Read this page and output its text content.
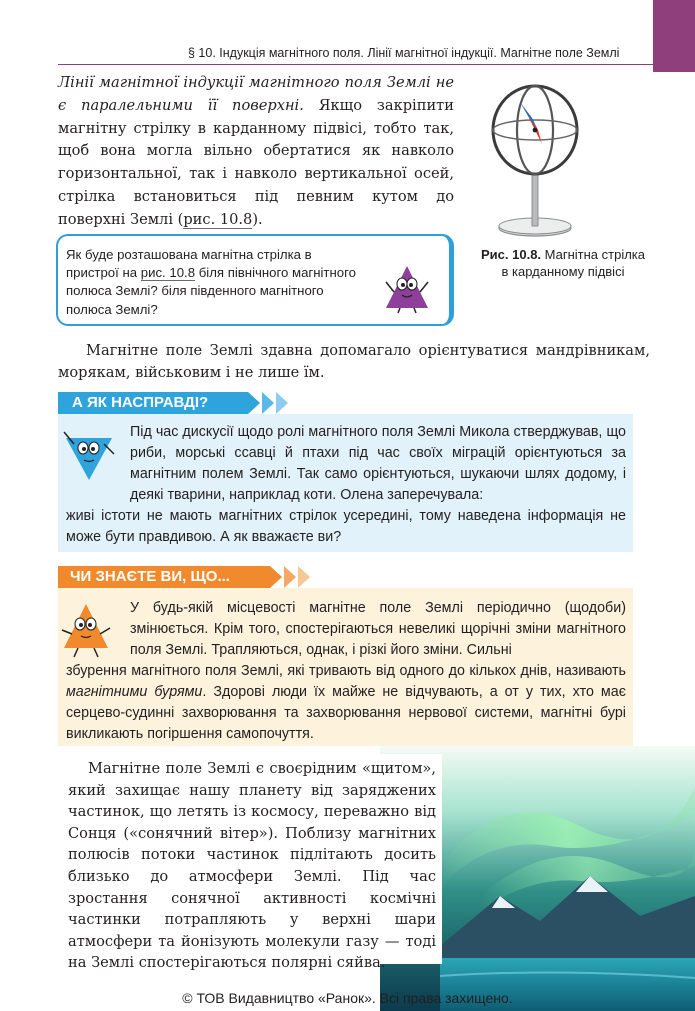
§ 10. Індукція магнітного поля. Лінії магнітної індукції. Магнітне поле Землі

Лінії магнітної індукції магнітного поля Землі не є паралельними її поверхні. Якщо закріпити магнітну стрілку в карданному підвісі, тобто так, щоб вона могла вільно обертатися як навколо горизонтальної, так і навколо вертикальної осей, стрілка встановиться під певним кутом до поверхні Землі (рис. 10.8).

Рис. 10.8. Магнітна стрілка в карданному підвісі

Як буде розташована магнітна стрілка в пристрої на рис. 10.8 біля північного магнітного полюса Землі? біля південного магнітного полюса Землі?

Магнітне поле Землі здавна допомагало орієнтуватися мандрівникам, морякам, військовим і не лише їм.

А ЯК НАСПРАВДІ?
Під час дискусії щодо ролі магнітного поля Землі Микола стверджував, що риби, морські ссавці й птахи під час своїх міграцій орієнтуються за магнітним полем Землі. Так само орієнтуються, шукаючи шлях додому, і деякі тварини, наприклад коти. Олена заперечувала:
живі істоти не мають магнітних стрілок усередині, тому наведена інформація не може бути правдивою. А як вважаєте ви?
ЧИ ЗНАЄТЕ ВИ, ЩО...
У будь-якій місцевості магнітне поле Землі періодично (щодоби) змінюється. Крім того, спостерігаються невеликі щорічні зміни магнітного поля Землі. Трапляються, однак, і різкі його зміни. Сильні
збурення магнітного поля Землі, які тривають від одного до кількох днів, називають магнітними бурями. Здорові люди їх майже не відчувають, а от у тих, хто має серцево-судинні захворювання та захворювання нервової системи, магнітні бурі викликають погіршення самопочуття.

Магнітне поле Землі є своєрідним «щитом», який захищає нашу планету від заряджених частинок, що летять із космосу, переважно від Сонця («сонячний вітер»). Поблизу магнітних полюсів потоки частинок підлітають досить близько до атмосфери Землі. Під час зростання сонячної активності космічні частинки потрапляють у верхні шари атмосфери та йонізують молекули газу — тоді на Землі спостерігаються полярні сяйва.

© ТОВ Видавництво «Ранок». Всі права захищено.
